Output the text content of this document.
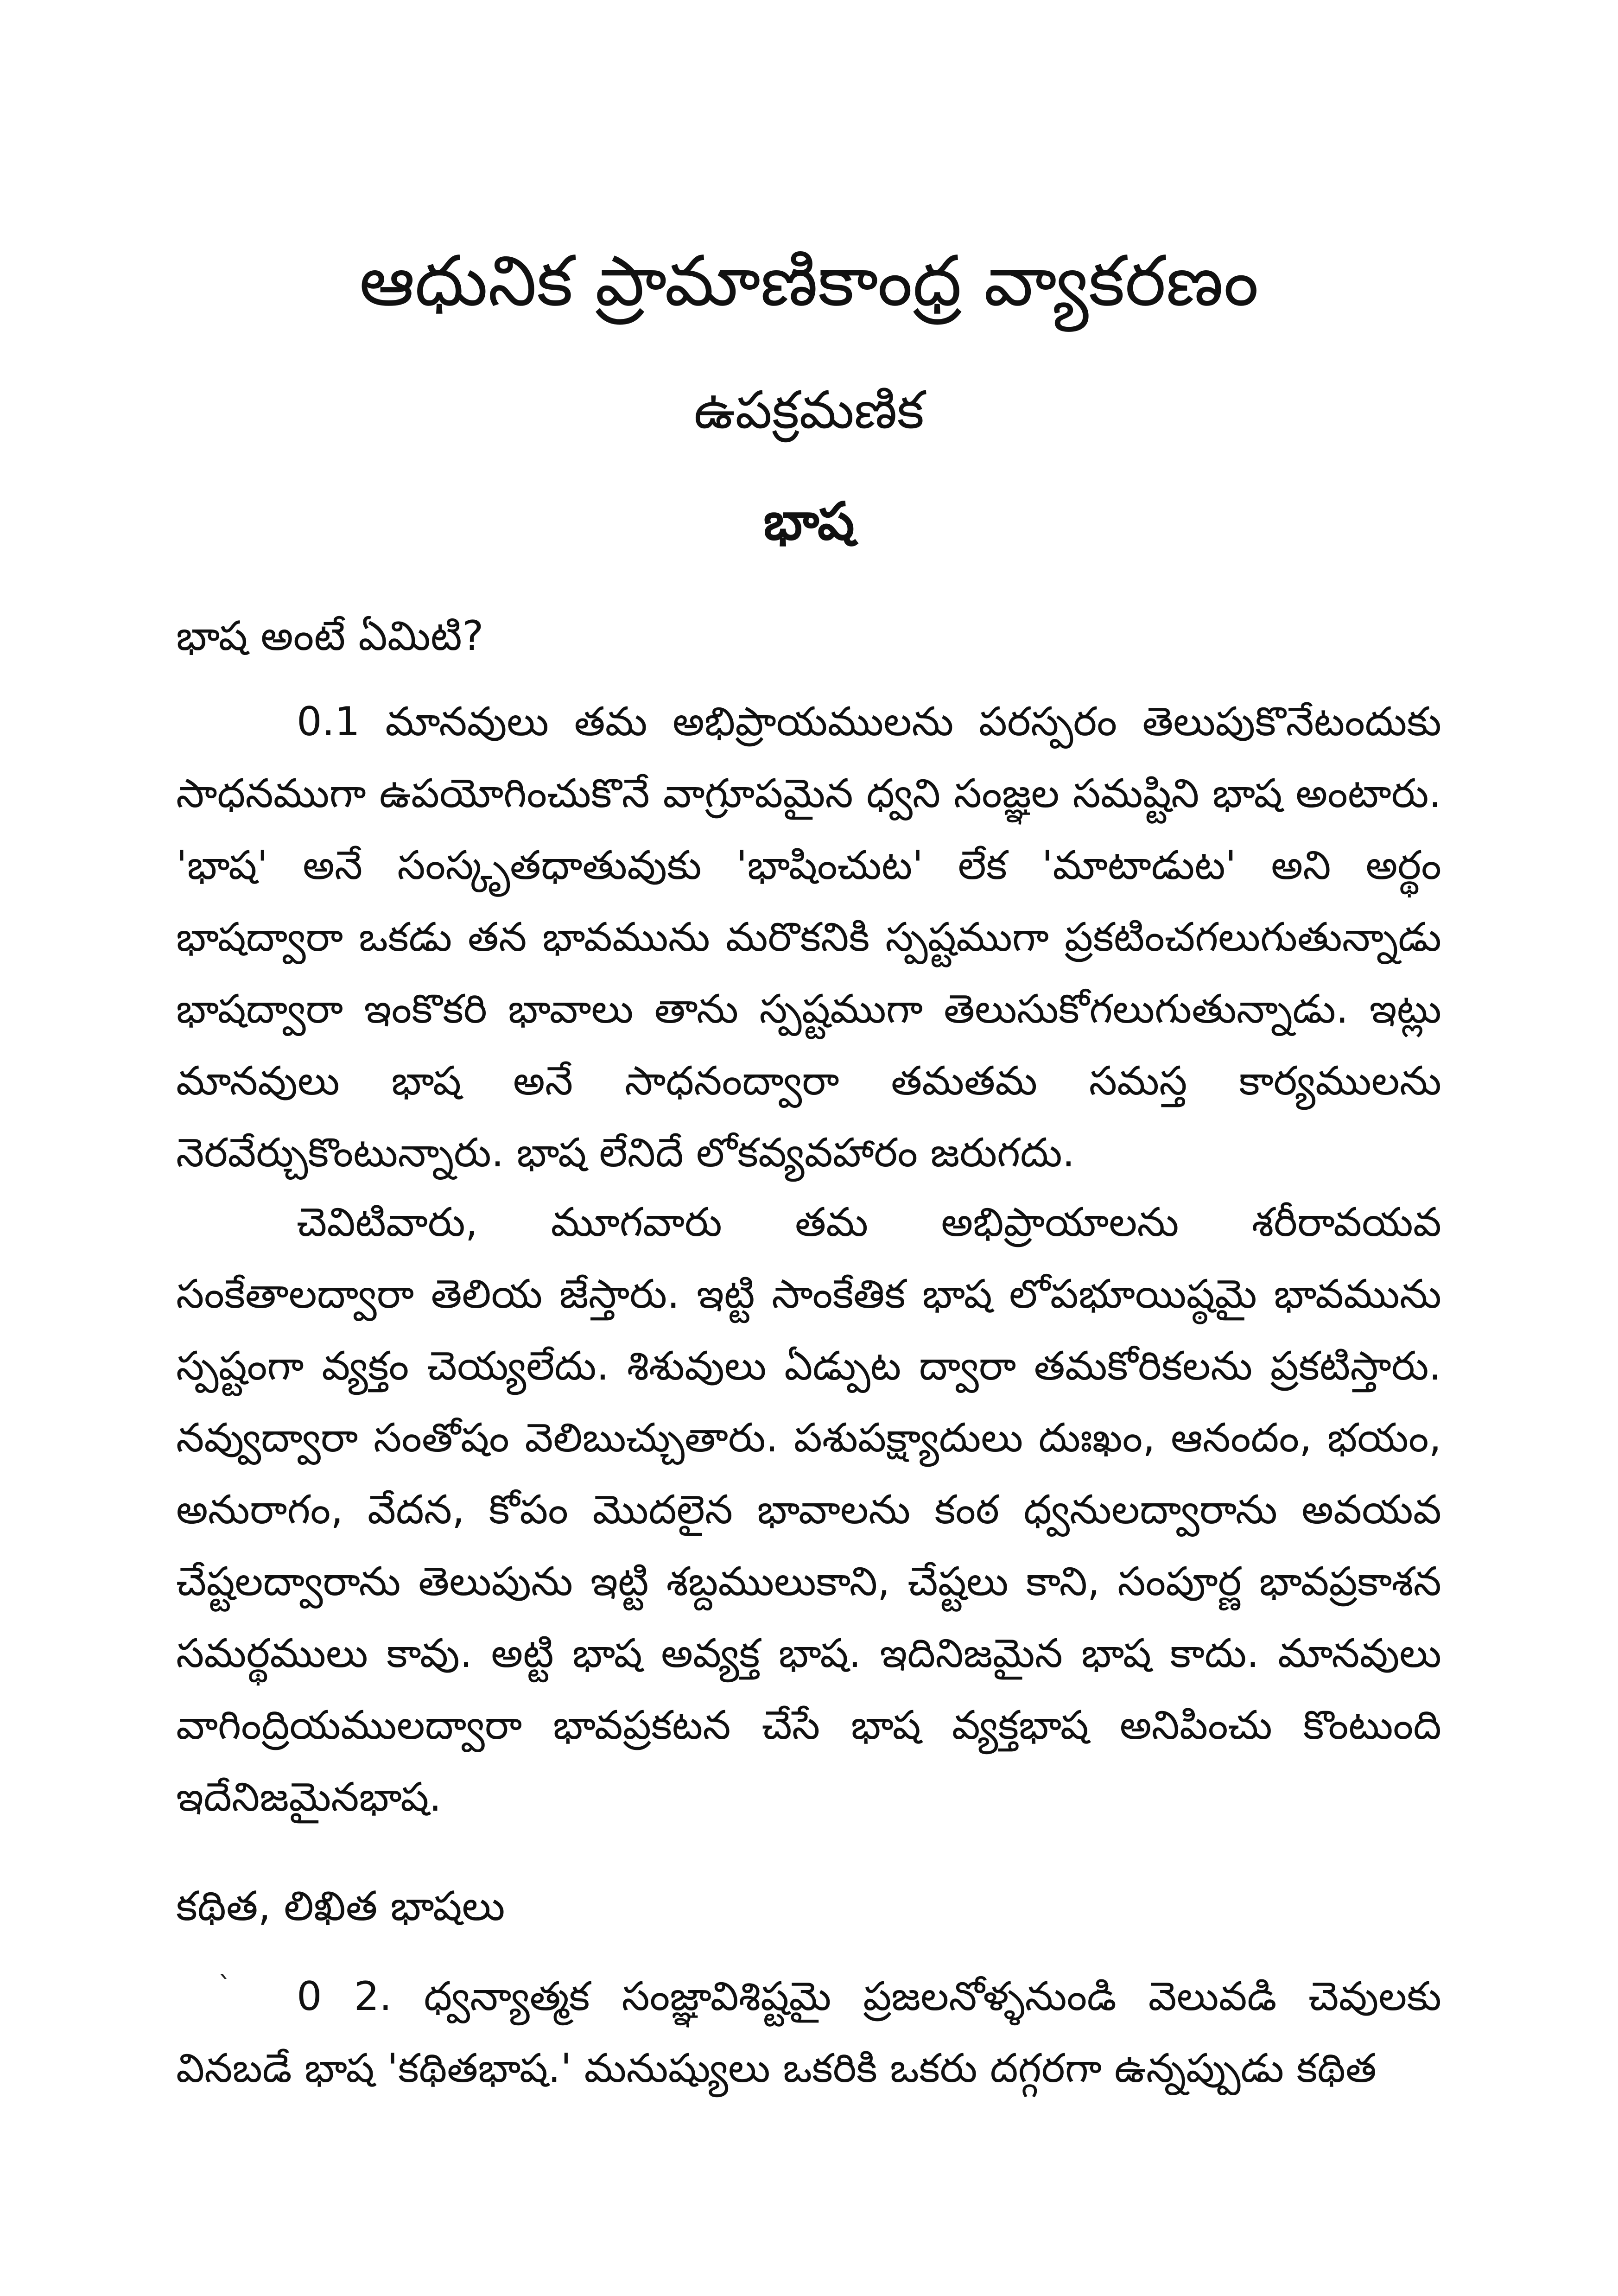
ఆధునిక ప్రామాణికాంధ్ర వ్యాకరణం
ఉపక్రమణిక
భాష

భాష అంటే ఏమిటి?

0.1 మానవులు తమ అభిప్రాయములను పరస్పరం తెలుపుకొనేటందుకు సాధనముగా ఉపయోగించుకొనే వాగ్రూపమైన ధ్వని సంజ్ఞల సమష్టిని భాష అంటారు. 'భాష' అనే సంస్కృతధాతువుకు 'భాషించుట' లేక 'మాటాడుట' అని అర్థం భాషద్వారా ఒకడు తన భావమును మరొకనికి స్పష్టముగా ప్రకటించగలుగుతున్నాడు భాషద్వారా ఇంకొకరి భావాలు తాను స్పష్టముగా తెలుసుకోగలుగుతున్నాడు. ఇట్లు మానవులు భాష అనే సాధనంద్వారా తమతమ సమస్త కార్యములను నెరవేర్చుకొంటున్నారు. భాష లేనిదే లోకవ్యవహారం జరుగదు.

చెవిటివారు, మూగవారు తమ అభిప్రాయాలను శరీరావయవ సంకేతాలద్వారా తెలియ జేస్తారు. ఇట్టి సాంకేతిక భాష లోపభూయిష్ఠమై భావమును స్పష్టంగా వ్యక్తం చెయ్యలేదు. శిశువులు ఏడ్పుట ద్వారా తమకోరికలను ప్రకటిస్తారు. నవ్వుద్వారా సంతోషం వెలిబుచ్చుతారు. పశుపక్ష్యాదులు దుఃఖం, ఆనందం, భయం, అనురాగం, వేదన, కోపం మొదలైన భావాలను కంఠ ధ్వనులద్వారాను అవయవ చేష్టలద్వారాను తెలుపును ఇట్టి శబ్దములుకాని, చేష్టలు కాని, సంపూర్ణ భావప్రకాశన సమర్థములు కావు. అట్టి భాష అవ్యక్త భాష. ఇదినిజమైన భాష కాదు. మానవులు వాగింద్రియములద్వారా భావప్రకటన చేసే భాష వ్యక్తభాష అనిపించు కొంటుంది ఇదేనిజమైనభాష.

కథిత, లిఖిత భాషలు

ˎ

0 2. ధ్వన్యాత్మక సంజ్ఞావిశిష్టమై ప్రజలనోళ్ళనుండి వెలువడి చెవులకు వినబడే భాష 'కథితభాష.' మనుష్యులు ఒకరికి ఒకరు దగ్గరగా ఉన్నప్పుడు కథిత
